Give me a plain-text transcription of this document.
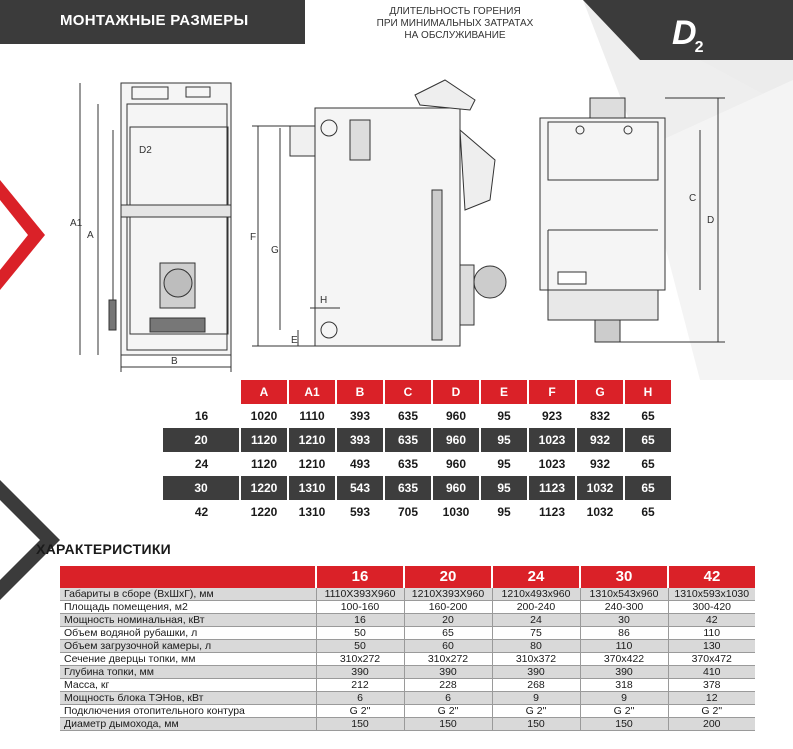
МОНТАЖНЫЕ РАЗМЕРЫ
ДЛИТЕЛЬНОСТЬ ГОРЕНИЯ
ПРИ МИНИМАЛЬНЫХ ЗАТРАТАХ
НА ОБСЛУЖИВАНИЕ	$D_2$
A1
A
B
F
G
H
E
C
D
D2
	A	A1	B	C	D	E	F	G	H
16	1020	1110	393	635	960	95	923	832	65
20	1120	1210	393	635	960	95	1023	932	65
24	1120	1210	493	635	960	95	1023	932	65
30	1220	1310	543	635	960	95	1123	1032	65
42	1220	1310	593	705	1030	95	1123	1032	65
ХАРАКТЕРИСТИКИ
	16	20	24	30	42
Габариты в сборе (ВхШхГ), мм	1110X393X960	1210X393X960	1210x493x960	1310x543x960	1310x593x1030
Площадь помещения, м2	100-160	160-200	200-240	240-300	300-420
Мощность номинальная, кВт	16	20	24	30	42
Объем водяной рубашки, л	50	65	75	86	110
Объем загрузочной камеры, л	50	60	80	110	130
Сечение дверцы топки, мм	310x272	310x272	310x372	370x422	370x472
Глубина топки, мм	390	390	390	390	410
Масса, кг	212	228	268	318	378
Мощность блока ТЭНов, кВт	6	6	9	9	12
Подключения отопительного контура	G 2"	G 2"	G 2"	G 2"	G 2"
Диаметр дымохода, мм	150	150	150	150	200
